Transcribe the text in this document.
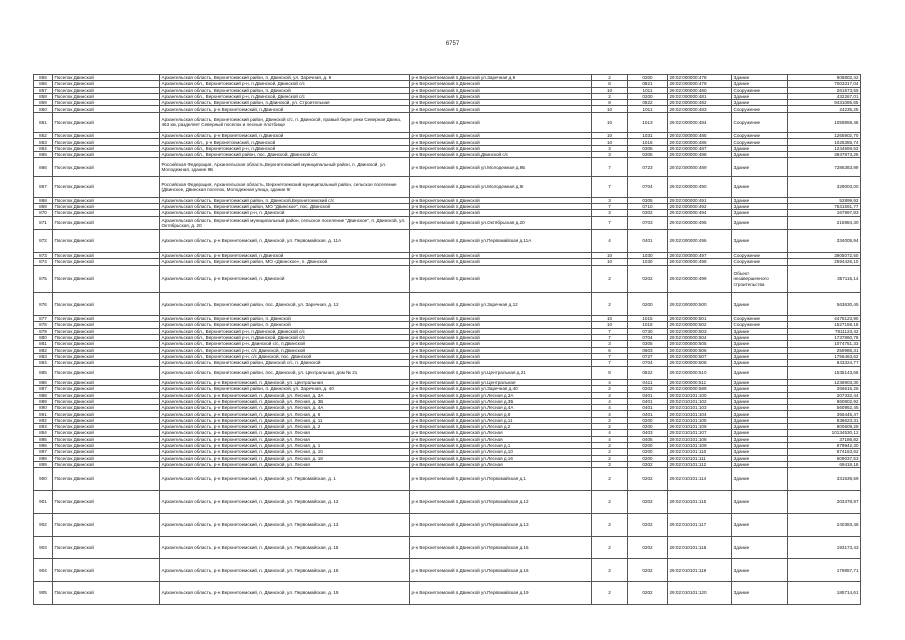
6757
855	Поселок Двинской	Архангельская область, Верхнетоемский район, п. Двинской, ул. Заречная, д. 9	р-н Верхнетоемский п.Двинской ул.Заречная д.9	2	0200	29:02:000000:478	Здание	906802,42
856	Поселок Двинской	Архангельская обл., Верхнетоемский р-н, п.Двинской, Двинской с/с	р-н Верхнетоемский п.Двинской	8	0821	29:02:000000:479	Здание	7003317,04
857	Поселок Двинской	Архангельская область, Верхнетоемский район, п. Двинской	р-н Верхнетоемский п.Двинской	10	1011	29:02:000000:480	Сооружение	261573,55
858	Поселок Двинской	Архангельская обл., Верхнетоемский р-н, п.Двинской, Двинской с/с	р-н Верхнетоемский п.Двинской	2	0200	29:02:000000:481	Здание	432267,01
859	Поселок Двинской	Архангельская область, Верхнетоемский район, п.Двинской, ул. Строительная	р-н Верхнетоемский п.Двинской	8	0822	29:02:000000:482	Здание	9431085,65
860	Поселок Двинской	Архангельская область, р-н Верхнетоемский, п.Двинской	р-н Верхнетоемский п.Двинской	10	1011	29:02:000000:483	Сооружение	24235,25
861	Поселок Двинской	Архангельская область, Верхнетоемский район, Двинской с/с, п. Двинской, правый берег реки Северная Двина, 463 км, разделяет Северный поселок и лесные плотбище	р-н Верхнетоемский п.Двинской	10	1013	29:02:000000:484	Сооружение	1059859,46
862	Поселок Двинской	Архангельская область, р-н Верхнетоемский, п.Двинской	р-н Верхнетоемский п.Двинской	10	1031	29:02:000000:485	Сооружение	1265902,70
863	Поселок Двинской	Архангельская обл., р-н Верхнетоемский, п.Двинской	р-н Верхнетоемский п.Двинской	10	1016	29:02:000000:486	Сооружение	1025355,74
864	Поселок Двинской	Архангельская обл., Верхнетоемский р-н, п.Двинской	р-н Верхнетоемский п.Двинской	3	0305	29:02:000000:487	Здание	1244559,53
865	Поселок Двинской	Архангельская обл., Верхнетоемский район, пос. Двинской, Двинской с/с	р-н Верхнетоемский п.Двинской,Двинской с/с	3	0305	29:02:000000:488	Здание	3937973,25
866	Поселок Двинской	Российская Федерация, Архангельская область,Верхнетоемский муниципальный район, п. Двинской, ул. Молодежная, здание 9Б	р-н Верхнетоемский п.Двинской ул.Молодежная д.9Б	7	0723	29:02:000000:489	Здание	7286383,99
867	Поселок Двинской	Российская Федерация, Архангельская область, Верхнетоемский муниципальный район, сельское поселение (Двинское, Двинская поселок, Молодежная улица, здание 9г	р-н Верхнетоемский п.Двинской ул.Молодежная д.9г	7	0704	29:02:000000:490	Здание	329003,00
868	Поселок Двинской	Архангельская область, Верхнетоемский район, п. Двинской,Верхнетоемский с/с	р-н Верхнетоемский п.Двинской	3	0305	29:02:000000:491	Здание	52899,93
869	Поселок Двинской	Архангельская область, Верхнетоемский район, МО "Двинское", пос. Двинской	р-н Верхнетоемский п.Двинской	7	0710	29:02:000000:492	Здание	7531591,77
870	Поселок Двинской	Архангельская область, Верхнетоемский р-н, п. Двинской	р-н Верхнетоемский п.Двинской	3	0302	29:02:000000:494	Здание	167997,83
871	Поселок Двинской	Архангельская область, Верхнетоемский муниципальный район, сельское поселение "Двинское", п. Двинской, ул. Октябрьская, д. 20	р-н Верхнетоемский п.Двинской ул.Октябрьская д.20	7	0703	29:02:000000:495	Здание	216984,30
872	Поселок Двинской	Архангельская область, р-н Верхнетоемский, п. Двинской, ул. Первомайская, д. 11А	р-н Верхнетоемский п.Двинской ул.Первомайская д.11А	4	0401	29:02:000000:496	Здание	334005,94
873	Поселок Двинской	Архангельская область, р-н Верхнетоемский, п.Двинской	р-н Верхнетоемский п.Двинской	10	1030	29:02:000000:497	Сооружение	3905072,50
874	Поселок Двинской	Архангельская область, Верхнетоемский район, МО «Двинское», п. Двинской	р-н Верхнетоемский п.Двинской	10	1030	29:02:000000:498	Сооружение	2594426,10
875	Поселок Двинской	Архангельская область, р-н Верхнетоемский, п. Двинской	р-н Верхнетоемский п.Двинской	2	0202	29:02:000000:499	Объект незавершенного строительства	357115,14
876	Поселок Двинской	Архангельская область, Верхнетоемский район, пос. Двинской, ул. Заречная, д. 12	р-н Верхнетоемский п.Двинской ул.Заречная д.12	2	0200	29:02:000000:500	Здание	563630,45
877	Поселок Двинской	Архангельская область, Верхнетоемский район, п. Двинской	р-н Верхнетоемский п.Двинской	10	1015	29:02:000000:501	Сооружение	4475123,90
878	Поселок Двинской	Архангельская область, Верхнетоемский район, п. Двинской	р-н Верхнетоемский п.Двинской	10	1016	29:02:000000:502	Сооружение	1527158,18
879	Поселок Двинской	Архангельская обл., Верхнетоемский р-н, п.Двинской, Двинской с/с	р-н Верхнетоемский п.Двинской	7	0730	29:02:000000:503	Здание	7811123,42
880	Поселок Двинской	Архангельская обл., Верхнетоемский р-н, п.Двинской, Двинской с/с	р-н Верхнетоемский п.Двинской	7	0704	29:02:000000:504	Здание	1737860,78
881	Поселок Двинской	Архангельская обл., Верхнетоемский р-н, Двинской с/с, п.Двинской	р-н Верхнетоемский п.Двинской	3	0305	29:02:000000:505	Здание	1074751,33
882	Поселок Двинской	Архангельская обл., Верхнетоемский р-н, с/с Двинской, п.Двинской	р-н Верхнетоемский п.Двинской	6	0603	29:02:000000:506	Здание	259986,31
883	Поселок Двинской	Архангельская обл., Верхнетоемский р-н, с/с Двинской, пос. Двинской	р-н Верхнетоемский п.Двинской	7	0727	29:02:000000:507	Здание	1756463,62
884	Поселок Двинской	Архангельская область, Верхнетоемский район, Двинской с/с, п. Двинской	р-н Верхнетоемский п.Двинской	7	0704	29:02:000000:508	Здание	843324,77
885	Поселок Двинской	Архангельская область, Верхнетоемский район, пос. Двинской, ул. Центральная, дом № 21	р-н Верхнетоемский п.Двинской ул.Центральная д.21	8	0822	29:02:000000:510	Здание	1535143,66
886	Поселок Двинской	Архангельская область, р-н Верхнетоемский, п. Двинской, ул. Центральная	р-н Верхнетоемский п.Двинской ул.Центральная	4	0411	29:02:000000:511	Здание	1236903,30
887	Поселок Двинской	Архангельская область, Верхнетоемский район, п. Двинской, ул. Заречная, д. 40	р-н Верхнетоемский п.Двинской ул.Заречная д.40	2	0202	29:02:000000:589	Здание	266615,26
888	Поселок Двинской	Архангельская область, р-н Верхнетоемский, п. Двинской, ул. Лесная, д. 3А	р-н Верхнетоемский п.Двинской ул.Лесная д.3А	4	0401	29:02:010101:100	Здание	207332,44
889	Поселок Двинской	Архангельская область, р-н Верхнетоемский, п. Двинской, ул. Лесная, д. 3Б	р-н Верхнетоемский п.Двинской ул.Лесная д.3Б	4	0401	29:02:010101:102	Здание	860802,92
890	Поселок Двинской	Архангельская область, р-н Верхнетоемский, п. Двинской, ул. Лесная, д. 4А	р-н Верхнетоемский п.Двинской ул.Лесная д.4А	4	0401	29:02:010101:103	Здание	560952,45
891	Поселок Двинской	Архангельская область, р-н Верхнетоемский, п. Двинской, ул. Лесная, д. 6	р-н Верхнетоемский п.Двинской ул.Лесная д.6	4	0401	29:02:010101:104	Здание	356445,47
892	Поселок Двинской	Архангельская область, р-н Верхнетоемский, п. Двинской, ул. Лесная, д. 11	р-н Верхнетоемский п.Двинской ул.Лесная д.11	2	0200	29:02:010101:105	Здание	838623,31
893	Поселок Двинской	Архангельская область, р-н Верхнетоемский, п. Двинской, ул. Лесная, д. 2	р-н Верхнетоемский п.Двинской ул.Лесная д.2	2	0200	29:02:010101:106	Здание	800609,28
894	Поселок Двинской	Архангельская область, р-н Верхнетоемский, п. Двинской, ул. Лесная	р-н Верхнетоемский п.Двинской ул.Лесная	4	0403	29:02:010101:107	Здание	10134530,12
895	Поселок Двинской	Архангельская область, р-н Верхнетоемский, п. Двинской, ул. Лесная	р-н Верхнетоемский п.Двинской ул.Лесная	4	0405	29:02:010101:108	Здание	37186,82
896	Поселок Двинской	Архангельская область, р-н Верхнетоемский, п. Двинской, ул. Лесная, д. 1	р-н Верхнетоемский п.Двинской ул.Лесная д.1	2	0200	29:02:010101:109	Здание	879942,30
897	Поселок Двинской	Архангельская область, р-н Верхнетоемский, п. Двинской, ул. Лесная, д. 10	р-н Верхнетоемский п.Двинской ул.Лесная д.10	2	0200	29:02:010101:110	Здание	874163,62
898	Поселок Двинской	Архангельская область, р-н Верхнетоемский, п. Двинской, ул. Лесная, д. 18	р-н Верхнетоемский п.Двинской ул.Лесная д.16	2	0200	29:02:010101:111	Здание	609037,63
899	Поселок Двинской	Архангельская область, р-н Верхнетоемский, п. Двинской, ул. Лесная	р-н Верхнетоемский п.Двинской ул.Лесная	3	0302	29:02:010101:112	Здание	69418,18
900	Поселок Двинской	Архангельская область, р-н Верхнетоемский, п. Двинской, ул. Первомайская, д. 1	р-н Верхнетоемский п.Двинской ул.Первомайская д.1	2	0202	29:02:010101:114	Здание	331639,59
901	Поселок Двинской	Архангельская область, р-н Верхнетоемский, п. Двинской, ул. Первомайская, д. 12	р-н Верхнетоемский п.Двинской ул.Первомайская д.12	2	0202	29:02:010101:115	Здание	203478,97
902	Поселок Двинской	Архангельская область, р-н Верхнетоемский, п. Двинской, ул. Первомайская, д. 13	р-н Верхнетоемский п.Двинской ул.Первомайская д.13	2	0202	29:02:010101:117	Здание	240383,46
903	Поселок Двинской	Архангельская область, р-н Верхнетоемский, п. Двинской, ул. Первомайская, д. 15	р-н Верхнетоемский п.Двинской ул.Первомайская д.15	2	0202	29:02:010101:118	Здание	193173,43
904	Поселок Двинской	Архангельская область, р-н Верхнетоемский, п. Двинской, ул. Первомайская, д. 16	р-н Верхнетоемский п.Двинской ул.Первомайская д.16	2	0202	29:02:010101:119	Здание	179857,71
905	Поселок Двинской	Архангельская область, р-н Верхнетоемский, п. Двинской, ул. Первомайская, д. 19	р-н Верхнетоемский п.Двинской ул.Первомайская д.19	2	0202	29:02:010101:120	Здание	185714,61
